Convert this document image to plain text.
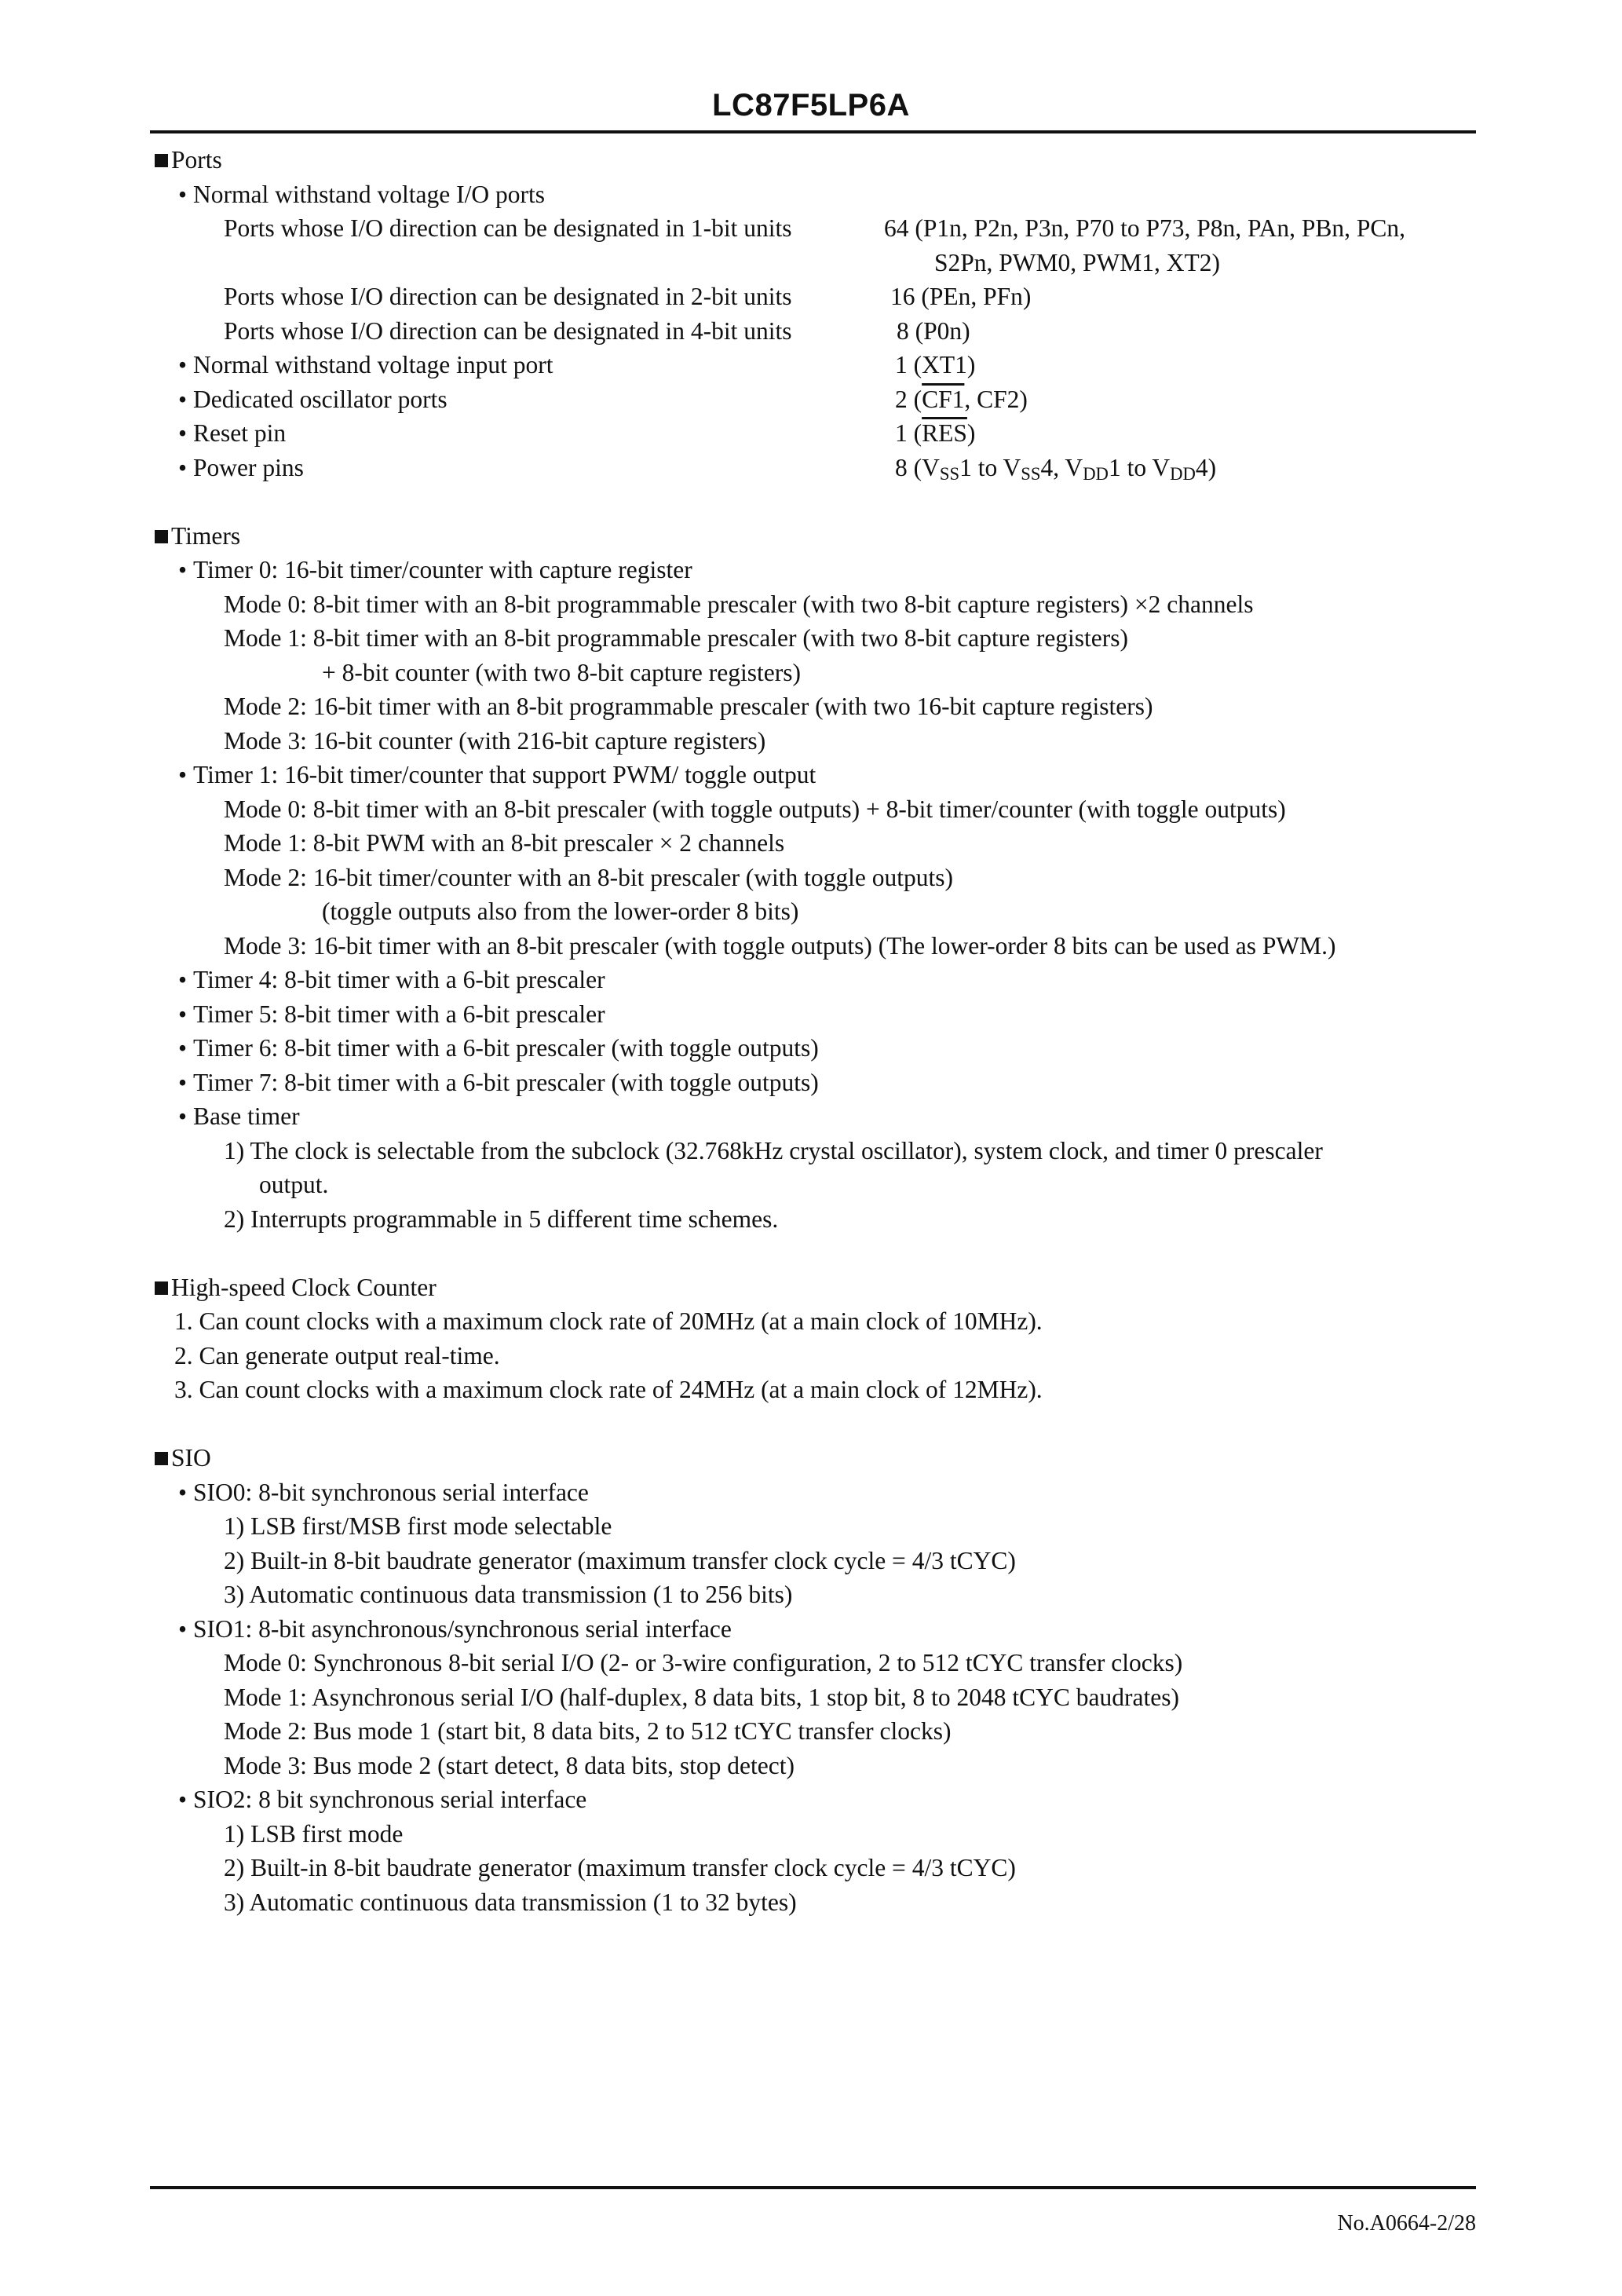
LC87F5LP6A
Ports
• Normal withstand voltage I/O ports
Ports whose I/O direction can be designated in 1-bit units	64 (P1n, P2n, P3n, P70 to P73, P8n, PAn, PBn, PCn,
S2Pn, PWM0, PWM1, XT2)
Ports whose I/O direction can be designated in 2-bit units	16 (PEn, PFn)
Ports whose I/O direction can be designated in 4-bit units	8 (P0n)
• Normal withstand voltage input port	1 (XT1)
• Dedicated oscillator ports	2 (CF1, CF2)
• Reset pin	1 $(\overline{RES})$
• Power pins	8 ($V_{SS}1$ to $V_{SS}4$, $V_{DD}1$ to $V_{DD}4$)
Timers
• Timer 0: 16-bit timer/counter with capture register
Mode 0: 8-bit timer with an 8-bit programmable prescaler (with two 8-bit capture registers) ×2 channels
Mode 1: 8-bit timer with an 8-bit programmable prescaler (with two 8-bit capture registers)
+ 8-bit counter (with two 8-bit capture registers)
Mode 2: 16-bit timer with an 8-bit programmable prescaler (with two 16-bit capture registers)
Mode 3: 16-bit counter (with 216-bit capture registers)
• Timer 1: 16-bit timer/counter that support PWM/ toggle output
Mode 0: 8-bit timer with an 8-bit prescaler (with toggle outputs) + 8-bit timer/counter (with toggle outputs)
Mode 1: 8-bit PWM with an 8-bit prescaler × 2 channels
Mode 2: 16-bit timer/counter with an 8-bit prescaler (with toggle outputs)
(toggle outputs also from the lower-order 8 bits)
Mode 3: 16-bit timer with an 8-bit prescaler (with toggle outputs) (The lower-order 8 bits can be used as PWM.)
• Timer 4: 8-bit timer with a 6-bit prescaler
• Timer 5: 8-bit timer with a 6-bit prescaler
• Timer 6: 8-bit timer with a 6-bit prescaler (with toggle outputs)
• Timer 7: 8-bit timer with a 6-bit prescaler (with toggle outputs)
• Base timer
1) The clock is selectable from the subclock (32.768kHz crystal oscillator), system clock, and timer 0 prescaler
output.
2) Interrupts programmable in 5 different time schemes.
High-speed Clock Counter
1. Can count clocks with a maximum clock rate of 20MHz (at a main clock of 10MHz).
2. Can generate output real-time.
3. Can count clocks with a maximum clock rate of 24MHz (at a main clock of 12MHz).
SIO
• SIO0: 8-bit synchronous serial interface
1) LSB first/MSB first mode selectable
2) Built-in 8-bit baudrate generator (maximum transfer clock cycle = 4/3 tCYC)
3) Automatic continuous data transmission (1 to 256 bits)
• SIO1: 8-bit asynchronous/synchronous serial interface
Mode 0: Synchronous 8-bit serial I/O (2- or 3-wire configuration, 2 to 512 tCYC transfer clocks)
Mode 1: Asynchronous serial I/O (half-duplex, 8 data bits, 1 stop bit, 8 to 2048 tCYC baudrates)
Mode 2: Bus mode 1 (start bit, 8 data bits, 2 to 512 tCYC transfer clocks)
Mode 3: Bus mode 2 (start detect, 8 data bits, stop detect)
• SIO2: 8 bit synchronous serial interface
1) LSB first mode
2) Built-in 8-bit baudrate generator (maximum transfer clock cycle = 4/3 tCYC)
3) Automatic continuous data transmission (1 to 32 bytes)
No.A0664-2/28
